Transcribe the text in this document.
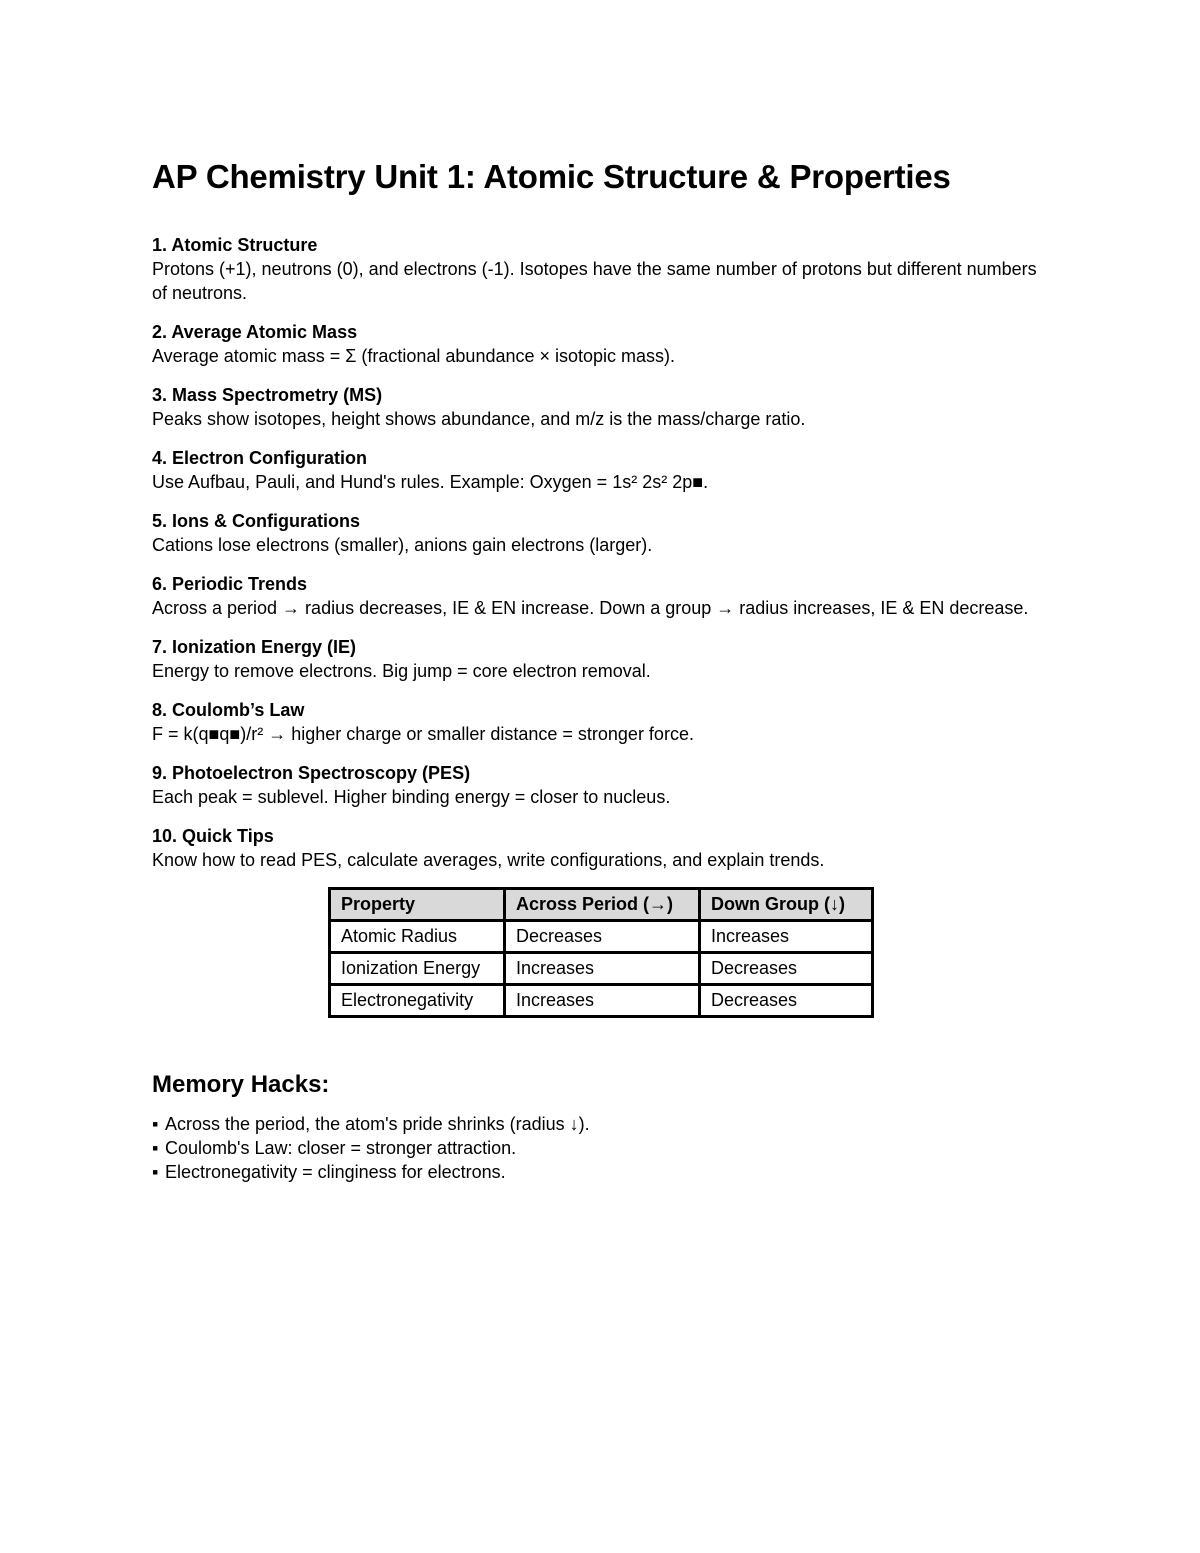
AP Chemistry Unit 1: Atomic Structure & Properties

1. Atomic Structure

Protons (+1), neutrons (0), and electrons (-1). Isotopes have the same number of protons but different numbers of neutrons.

2. Average Atomic Mass

Average atomic mass = Σ (fractional abundance × isotopic mass).

3. Mass Spectrometry (MS)

Peaks show isotopes, height shows abundance, and m/z is the mass/charge ratio.

4. Electron Configuration

Use Aufbau, Pauli, and Hund's rules. Example: Oxygen = 1s² 2s² 2p■.

5. Ions & Configurations

Cations lose electrons (smaller), anions gain electrons (larger).

6. Periodic Trends

Across a period → radius decreases, IE & EN increase. Down a group → radius increases, IE & EN decrease.

7. Ionization Energy (IE)

Energy to remove electrons. Big jump = core electron removal.

8. Coulomb’s Law

F = k(q■q■)/r² → higher charge or smaller distance = stronger force.

9. Photoelectron Spectroscopy (PES)

Each peak = sublevel. Higher binding energy = closer to nucleus.

10. Quick Tips

Know how to read PES, calculate averages, write configurations, and explain trends.

Property	Across Period (→)	Down Group (↓)
Atomic Radius	Decreases	Increases
Ionization Energy	Increases	Decreases
Electronegativity	Increases	Decreases
Memory Hacks:
▪ Across the period, the atom's pride shrinks (radius ↓).
▪ Coulomb's Law: closer = stronger attraction.
▪ Electronegativity = clinginess for electrons.
